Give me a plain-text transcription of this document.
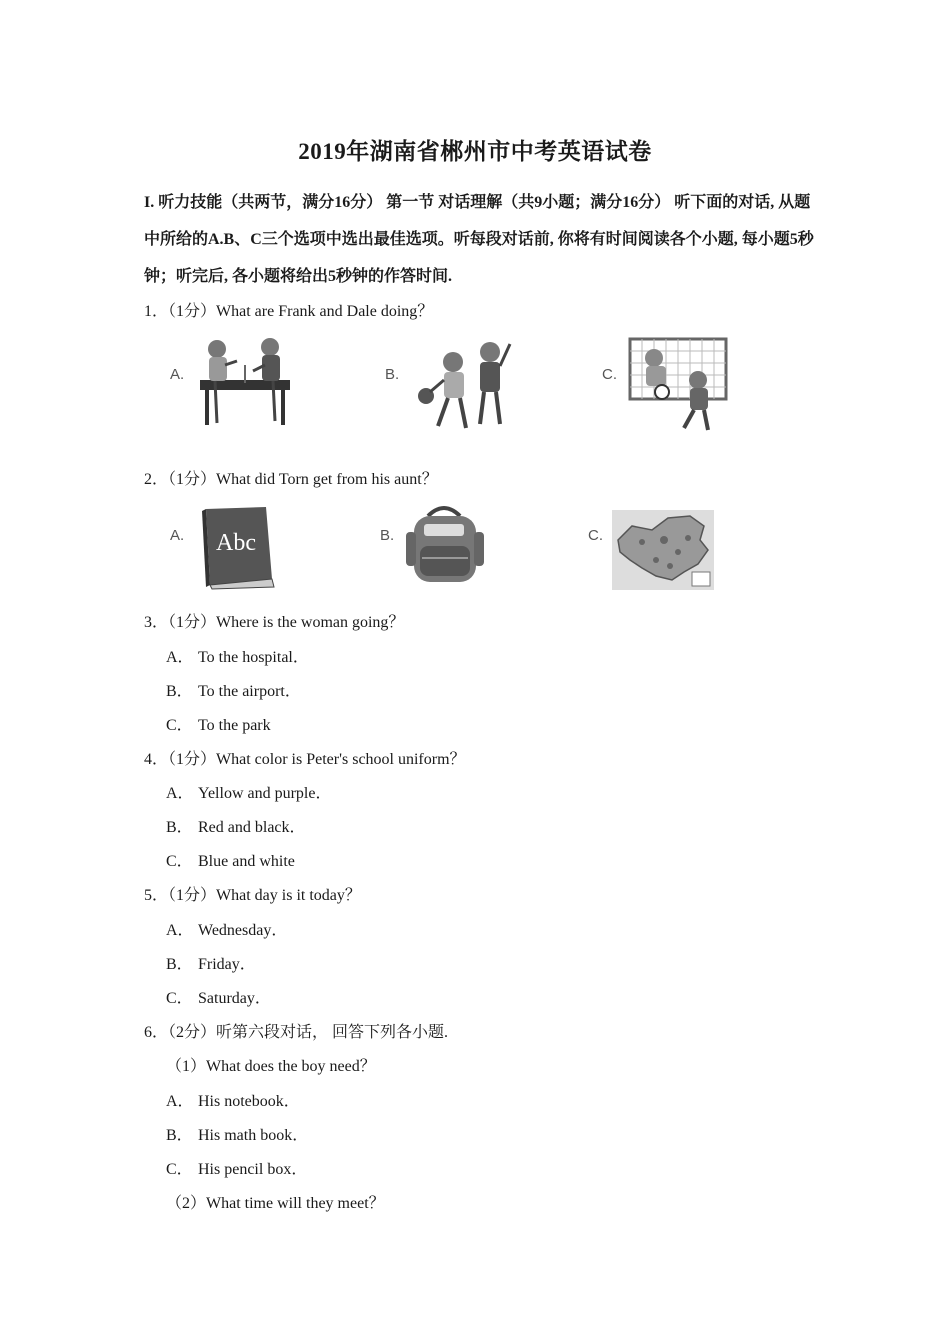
2019年湖南省郴州市中考英语试卷
I. 听力技能（共两节，满分16分） 第一节 对话理解（共9小题；满分16分） 听下面的对话, 从题中所给的A.B、C三个选项中选出最佳选项。听每段对话前, 你将有时间阅读各个小题, 每小题5秒钟；听完后, 各小题将给出5秒钟的作答时间.
1．（1分）What are Frank and Dale doing？
A.	B.	C.
2．（1分）What did Torn get from his aunt？
A. Abc	B.	C.
3．（1分）Where is the woman going？
A． To the hospital．
B． To the airport．
C． To the park
4．（1分）What color is Peter's school uniform？
A． Yellow and purple．
B． Red and black．
C． Blue and white
5．（1分）What day is it today？
A． Wednesday．
B． Friday．
C． Saturday．
6．（2分）听第六段对话， 回答下列各小题.
（1）What does the boy need？
A． His notebook．
B． His math book．
C． His pencil box．
（2）What time will they meet？
